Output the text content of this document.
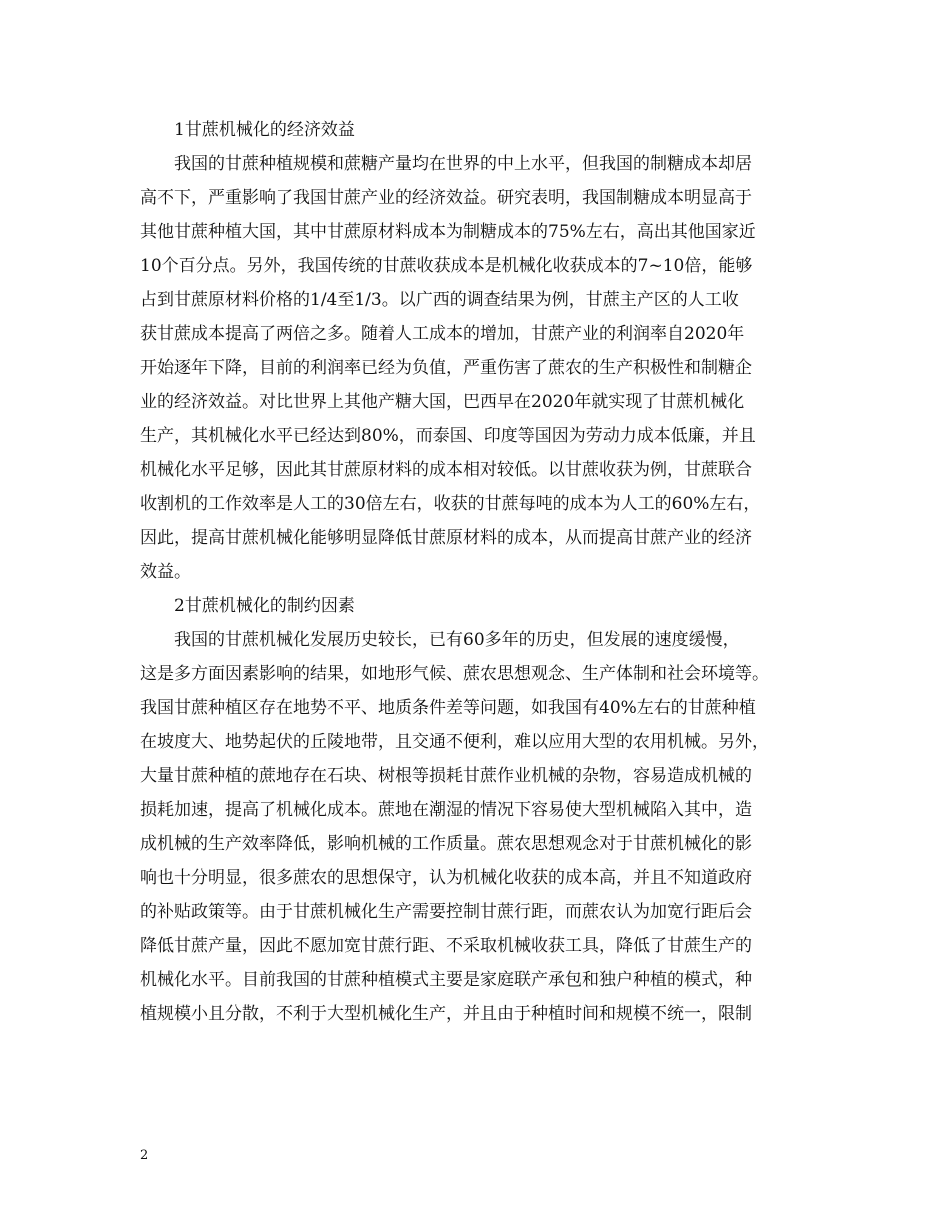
1甘蔗机械化的经济效益
我国的甘蔗种植规模和蔗糖产量均在世界的中上水平，但我国的制糖成本却居
高不下，严重影响了我国甘蔗产业的经济效益。研究表明，我国制糖成本明显高于
其他甘蔗种植大国，其中甘蔗原材料成本为制糖成本的75%左右，高出其他国家近
10个百分点。另外，我国传统的甘蔗收获成本是机械化收获成本的7~10倍，能够
占到甘蔗原材料价格的1/4至1/3。以广西的调查结果为例，甘蔗主产区的人工收
获甘蔗成本提高了两倍之多。随着人工成本的增加，甘蔗产业的利润率自2020年
开始逐年下降，目前的利润率已经为负值，严重伤害了蔗农的生产积极性和制糖企
业的经济效益。对比世界上其他产糖大国，巴西早在2020年就实现了甘蔗机械化
生产，其机械化水平已经达到80%，而泰国、印度等国因为劳动力成本低廉，并且
机械化水平足够，因此其甘蔗原材料的成本相对较低。以甘蔗收获为例，甘蔗联合
收割机的工作效率是人工的30倍左右，收获的甘蔗每吨的成本为人工的60%左右，
因此，提高甘蔗机械化能够明显降低甘蔗原材料的成本，从而提高甘蔗产业的经济
效益。
2甘蔗机械化的制约因素
我国的甘蔗机械化发展历史较长，已有60多年的历史，但发展的速度缓慢，
这是多方面因素影响的结果，如地形气候、蔗农思想观念、生产体制和社会环境等。
我国甘蔗种植区存在地势不平、地质条件差等问题，如我国有40%左右的甘蔗种植
在坡度大、地势起伏的丘陵地带，且交通不便利，难以应用大型的农用机械。另外，
大量甘蔗种植的蔗地存在石块、树根等损耗甘蔗作业机械的杂物，容易造成机械的
损耗加速，提高了机械化成本。蔗地在潮湿的情况下容易使大型机械陷入其中，造
成机械的生产效率降低，影响机械的工作质量。蔗农思想观念对于甘蔗机械化的影
响也十分明显，很多蔗农的思想保守，认为机械化收获的成本高，并且不知道政府
的补贴政策等。由于甘蔗机械化生产需要控制甘蔗行距，而蔗农认为加宽行距后会
降低甘蔗产量，因此不愿加宽甘蔗行距、不采取机械收获工具，降低了甘蔗生产的
机械化水平。目前我国的甘蔗种植模式主要是家庭联产承包和独户种植的模式，种
植规模小且分散，不利于大型机械化生产，并且由于种植时间和规模不统一，限制
2
